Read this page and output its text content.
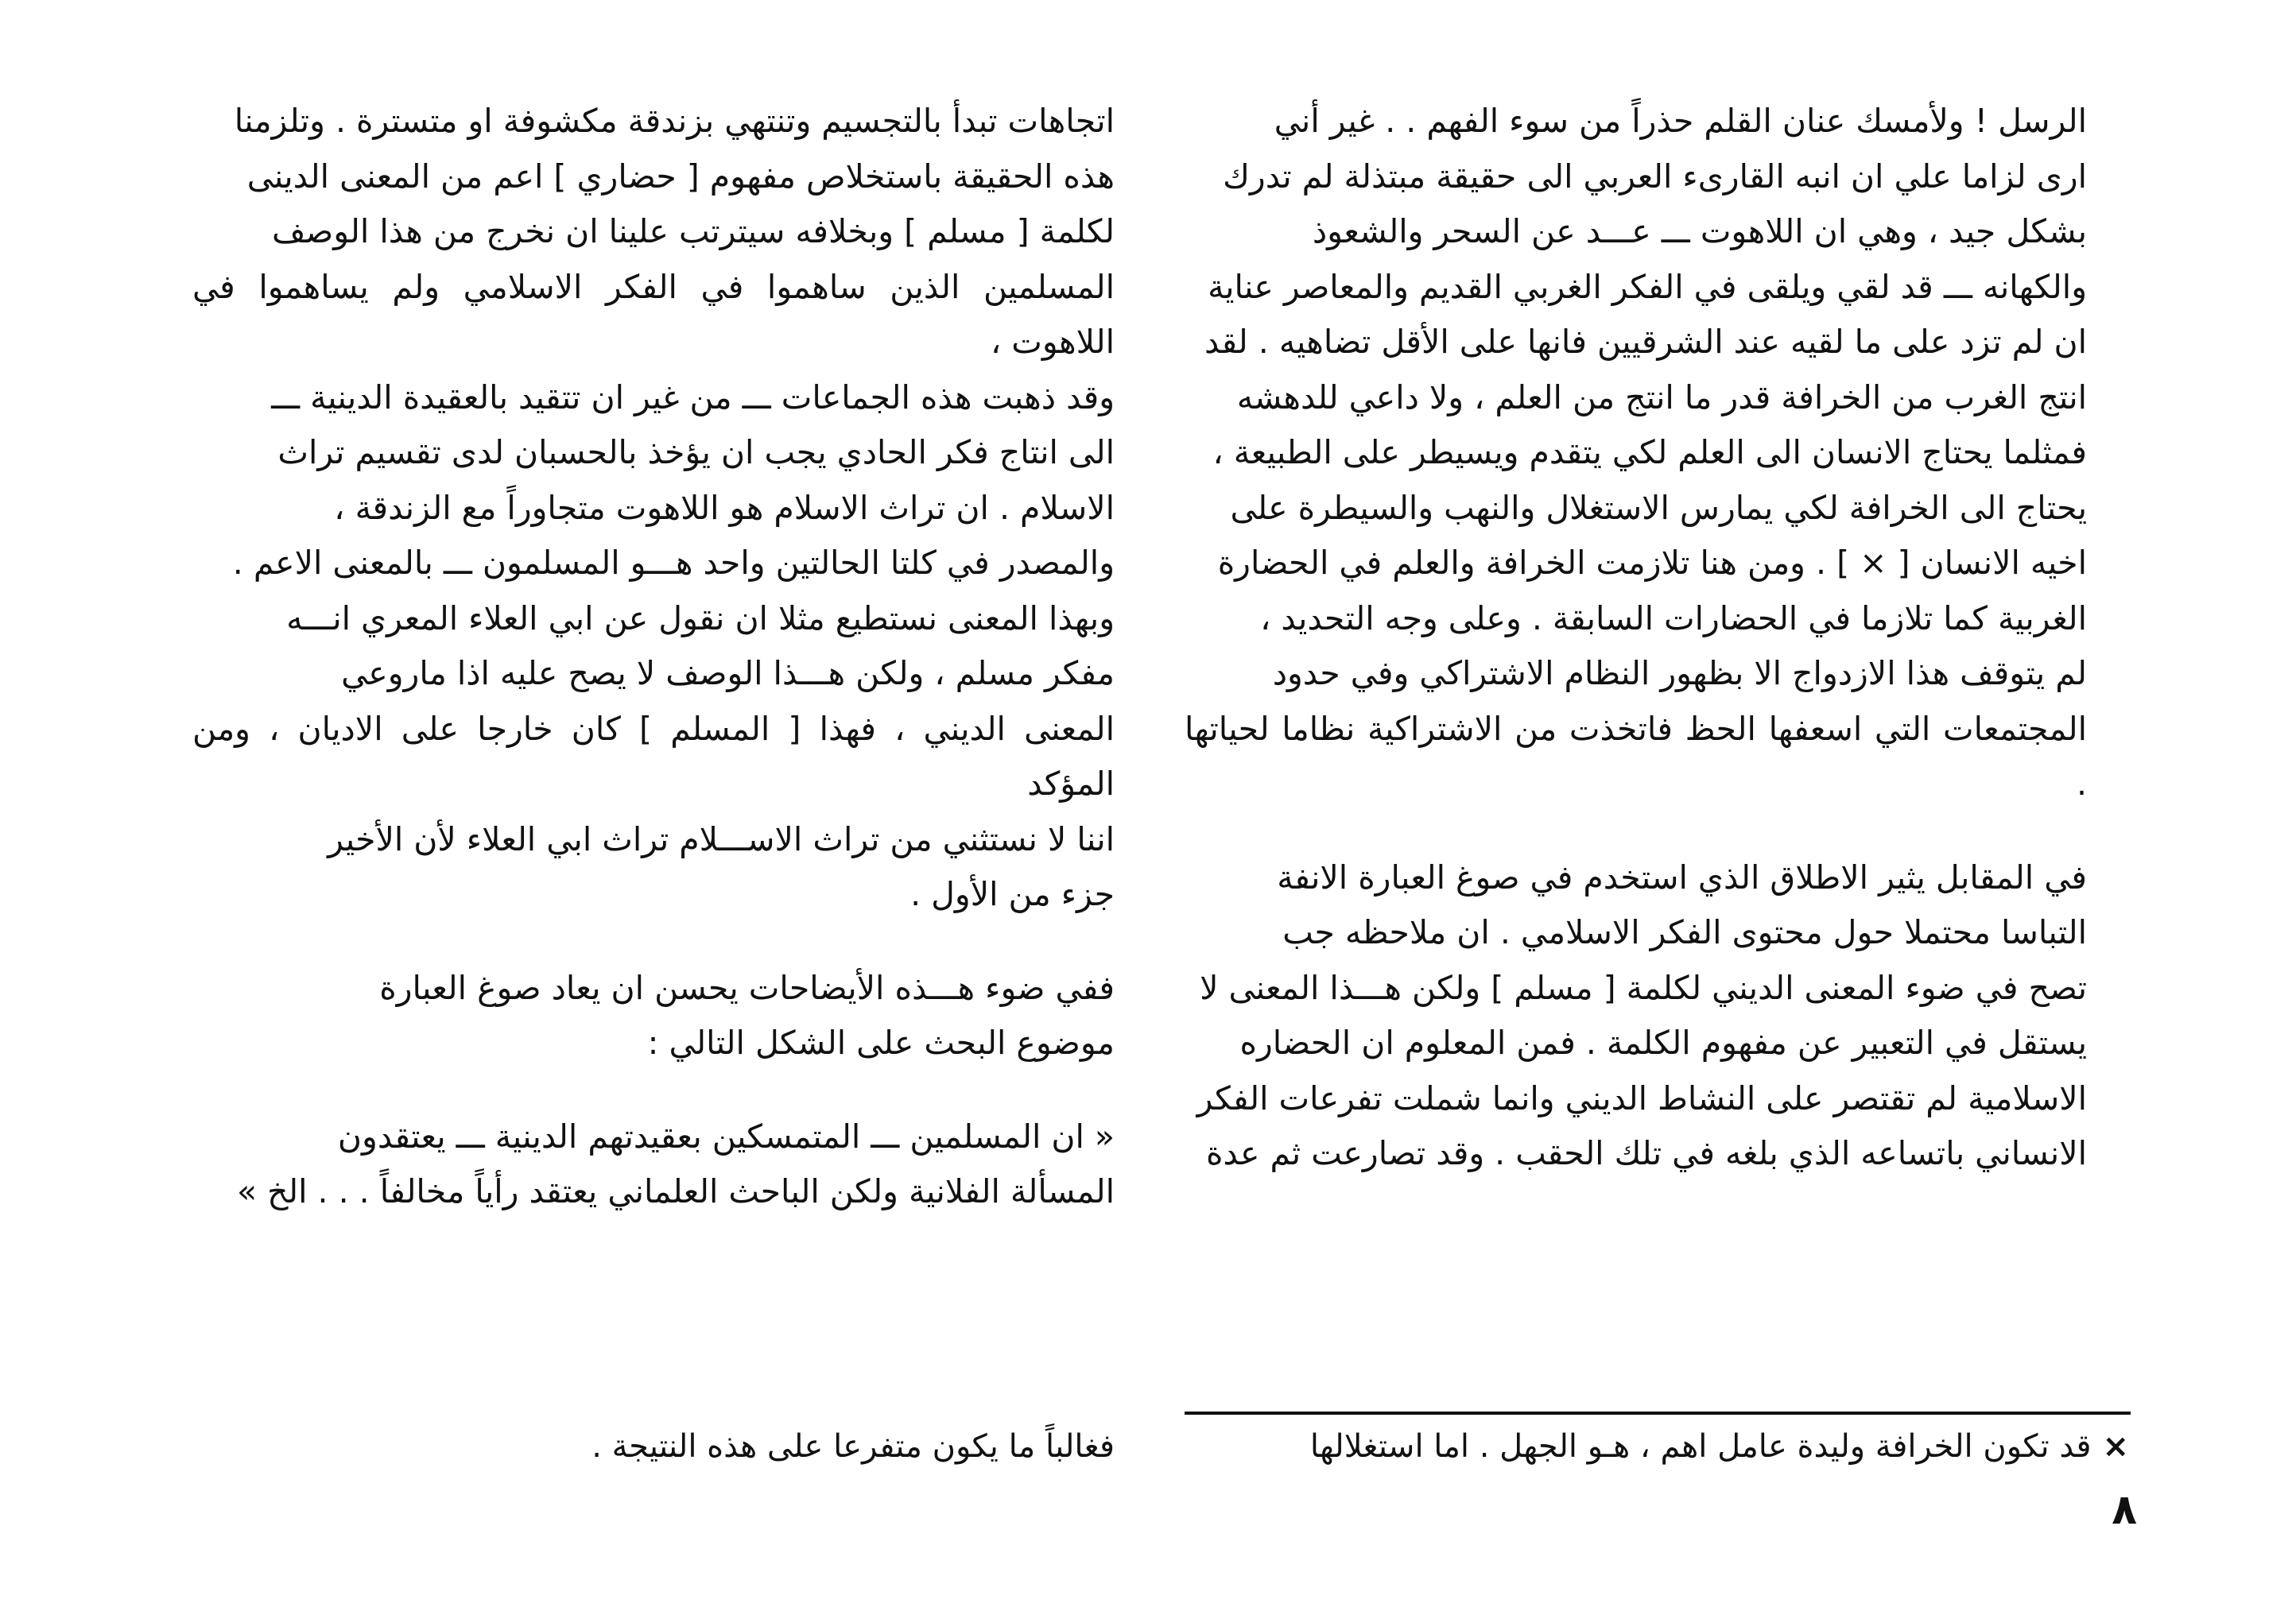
الرسل ! ولأمسك عنان القلم حذراً من سوء الفهم . . غير أني
ارى لزاما علي ان انبه القارىء العربي الى حقيقة مبتذلة لم تدرك
بشكل جيد ، وهي ان اللاهوت ـــ عـــد عن السحر والشعوذ
والكهانه ـــ قد لقي ويلقى في الفكر الغربي القديم والمعاصر عناية
ان لم تزد على ما لقيه عند الشرقيين فانها على الأقل تضاهيه . لقد
انتج الغرب من الخرافة قدر ما انتج من العلم ، ولا داعي للدهشه
فمثلما يحتاج الانسان الى العلم لكي يتقدم ويسيطر على الطبيعة ،
يحتاج الى الخرافة لكي يمارس الاستغلال والنهب والسيطرة على
اخيه الانسان [ × ] . ومن هنا تلازمت الخرافة والعلم في الحضارة
الغربية كما تلازما في الحضارات السابقة . وعلى وجه التحديد ،
لم يتوقف هذا الازدواج الا بظهور النظام الاشتراكي وفي حدود
المجتمعات التي اسعفها الحظ فاتخذت من الاشتراكية نظاما لحياتها .

في المقابل يثير الاطلاق الذي استخدم في صوغ العبارة الانفة
التباسا محتملا حول محتوى الفكر الاسلامي . ان ملاحظه جب
تصح في ضوء المعنى الديني لكلمة [ مسلم ] ولكن هـــذا المعنى لا
يستقل في التعبير عن مفهوم الكلمة . فمن المعلوم ان الحضاره
الاسلامية لم تقتصر على النشاط الديني وانما شملت تفرعات الفكر
الانساني باتساعه الذي بلغه في تلك الحقب . وقد تصارعت ثم عدة

اتجاهات تبدأ بالتجسيم وتنتهي بزندقة مكشوفة او متسترة . وتلزمنا
هذه الحقيقة باستخلاص مفهوم [ حضاري ] اعم من المعنى الدينى
لكلمة [ مسلم ] وبخلافه سيترتب علينا ان نخرج من هذا الوصف
المسلمين الذين ساهموا في الفكر الاسلامي ولم يساهموا في اللاهوت ،
وقد ذهبت هذه الجماعات ـــ من غير ان تتقيد بالعقيدة الدينية ـــ
الى انتاج فكر الحادي يجب ان يؤخذ بالحسبان لدى تقسيم تراث
الاسلام . ان تراث الاسلام هو اللاهوت متجاوراً مع الزندقة ،
والمصدر في كلتا الحالتين واحد هـــو المسلمون ـــ بالمعنى الاعم .
وبهذا المعنى نستطيع مثلا ان نقول عن ابي العلاء المعري انـــه
مفكر مسلم ، ولكن هـــذا الوصف لا يصح عليه اذا ماروعي
المعنى الديني ، فهذا [ المسلم ] كان خارجا على الاديان ، ومن المؤكد
اننا لا نستثني من تراث الاســـلام تراث ابي العلاء لأن الأخير
جزء من الأول .

ففي ضوء هـــذه الأيضاحات يحسن ان يعاد صوغ العبارة
موضوع البحث على الشكل التالي :

« ان المسلمين ـــ المتمسكين بعقيدتهم الدينية ـــ يعتقدون
المسألة الفلانية ولكن الباحث العلماني يعتقد رأياً مخالفاً . . . الخ »

×قد تكون الخرافة وليدة عامل اهم ، هـو الجهل . اما استغلالها
فغالباً ما يكون متفرعا على هذه النتيجة .
٨
